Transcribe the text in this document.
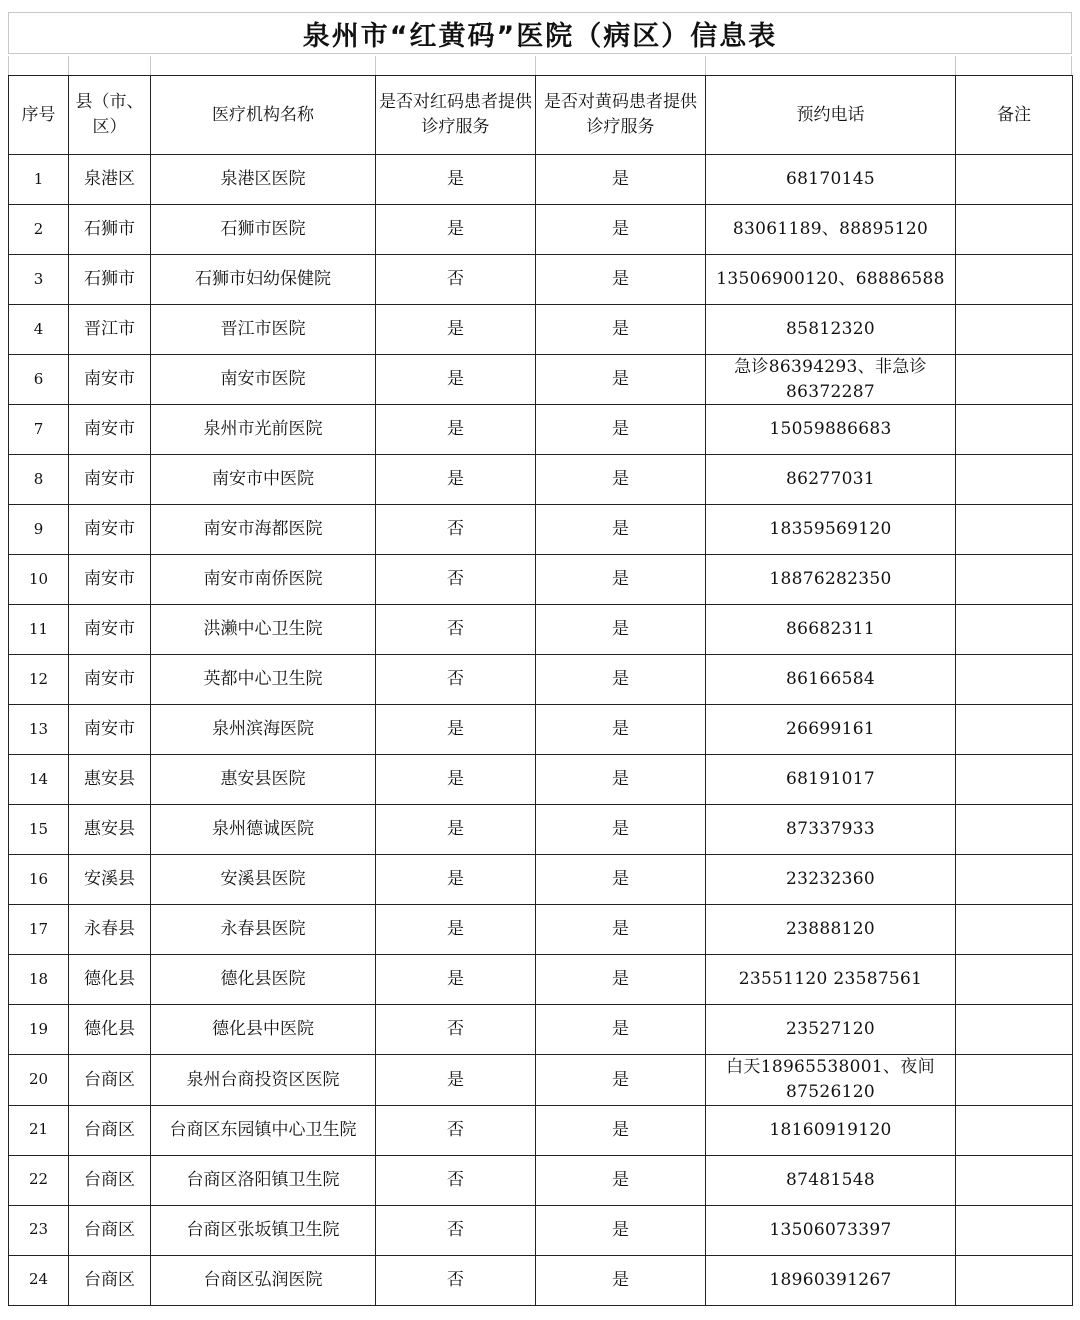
泉州市“红黄码”医院（病区）信息表
序号	县（市、区）	医疗机构名称	是否对红码患者提供诊疗服务	是否对黄码患者提供诊疗服务	预约电话	备注
1	泉港区	泉港区医院	是	是	68170145	
2	石狮市	石狮市医院	是	是	83061189、88895120	
3	石狮市	石狮市妇幼保健院	否	是	13506900120、68886588	
4	晋江市	晋江市医院	是	是	85812320	
6	南安市	南安市医院	是	是	急诊86394293、非急诊86372287	
7	南安市	泉州市光前医院	是	是	15059886683	
8	南安市	南安市中医院	是	是	86277031	
9	南安市	南安市海都医院	否	是	18359569120	
10	南安市	南安市南侨医院	否	是	18876282350	
11	南安市	洪濑中心卫生院	否	是	86682311	
12	南安市	英都中心卫生院	否	是	86166584	
13	南安市	泉州滨海医院	是	是	26699161	
14	惠安县	惠安县医院	是	是	68191017	
15	惠安县	泉州德诚医院	是	是	87337933	
16	安溪县	安溪县医院	是	是	23232360	
17	永春县	永春县医院	是	是	23888120	
18	德化县	德化县医院	是	是	23551120 23587561	
19	德化县	德化县中医院	否	是	23527120	
20	台商区	泉州台商投资区医院	是	是	白天18965538001、夜间87526120	
21	台商区	台商区东园镇中心卫生院	否	是	18160919120	
22	台商区	台商区洛阳镇卫生院	否	是	87481548	
23	台商区	台商区张坂镇卫生院	否	是	13506073397	
24	台商区	台商区弘润医院	否	是	18960391267	
